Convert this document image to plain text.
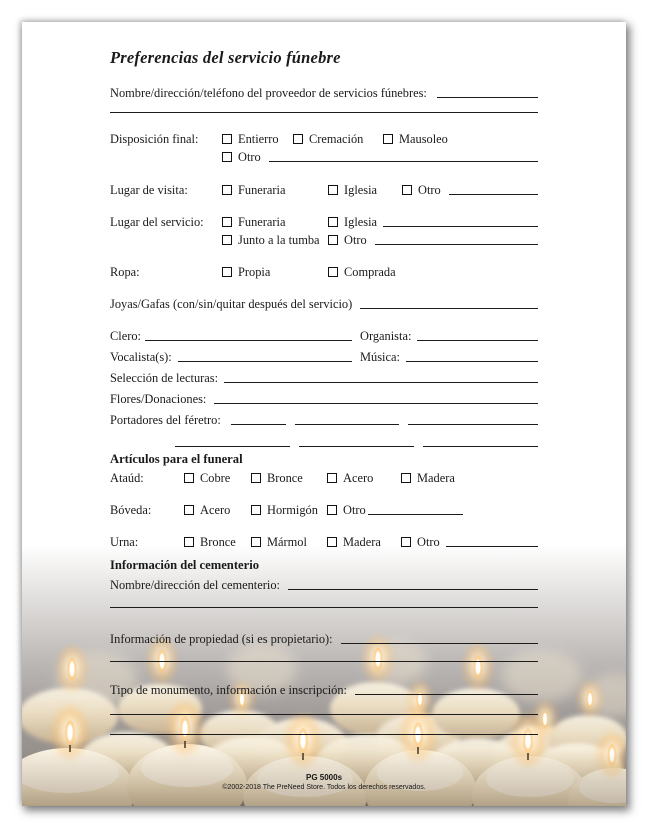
Preferencias del servicio fúnebre
Nombre/dirección/teléfono del proveedor de servicios fúnebres:
Disposición final:	Entierro Cremación	Mausoleo
Otro
Lugar de visita:	Funeraria	Iglesia	Otro
Lugar del servicio:	Funeraria	Iglesia
Junto a la tumba Otro
Ropa:	Propia	Comprada
Joyas/Gafas (con/sin/quitar después del servicio)
Clero:	Organista:
Vocalista(s):	Música:
Selección de lecturas:
Flores/Donaciones:
Portadores del féretro:
Artículos para el funeral
Ataúd:	Cobre	Bronce	Acero	Madera
Bóveda:	Acero	Hormigón Otro
Urna:	Bronce	Mármol	Madera	Otro
Información del cementerio
Nombre/dirección del cementerio:
Información de propiedad (si es propietario):
Tipo de monumento, información e inscripción:
PG 5000s
©2002-2018 The PreNeed Store. Todos los derechos reservados.
